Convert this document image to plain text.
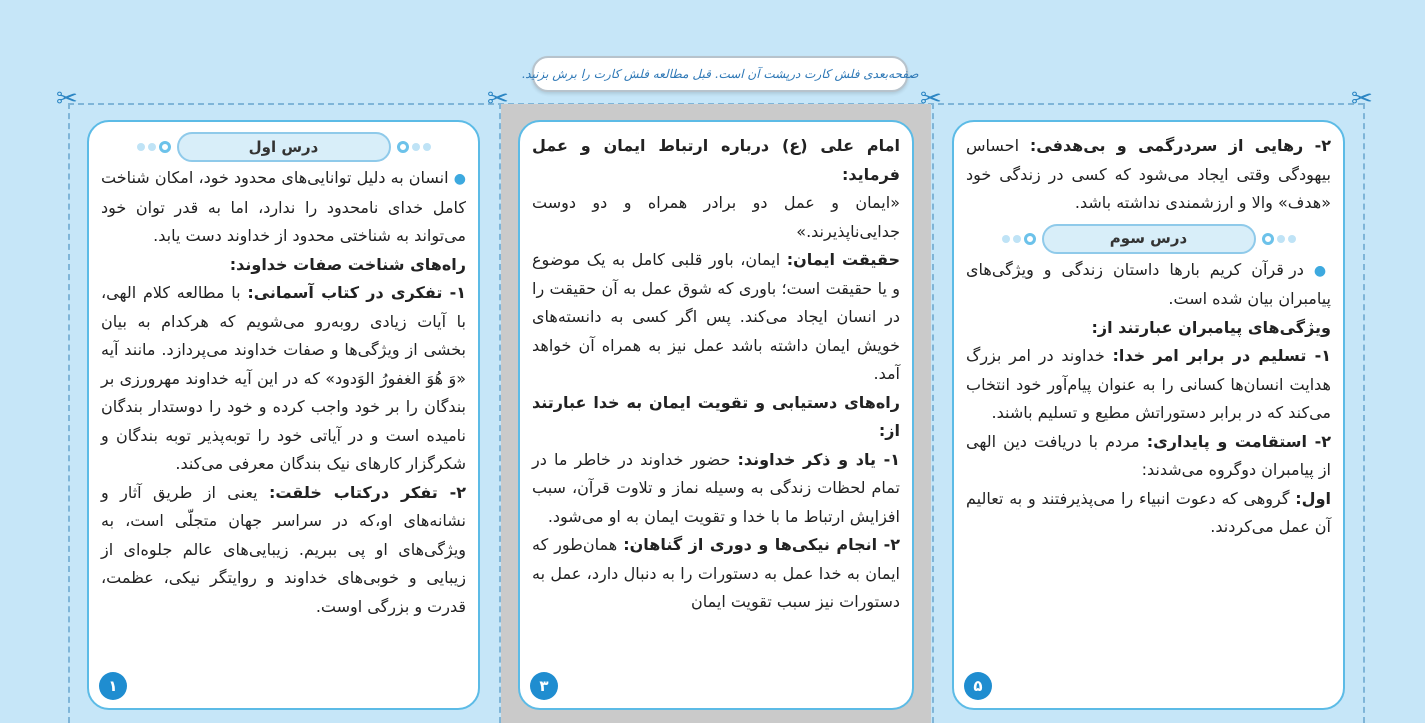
✂	✂	✂	✂
صفحه‌بعدی فلش کارت درپشت آن است. قبل مطالعه فلش کارت را برش بزنید.
درس اول

● انسان به دلیل توانایی‌های محدود خود، امکان شناخت کامل خدای نامحدود را ندارد، اما به قدر توان خود می‌تواند به شناختی محدود از خداوند دست یابد.

راه‌های شناخت صفات خداوند:

۱- تفکری در کتاب آسمانی: با مطالعه کلام الهی، با آیات زیادی روبه‌رو می‌شویم که هرکدام به بیان بخشی از ویژگی‌ها و صفات خداوند می‌پردازد. مانند آیه «وَ هُوَ الغفورُ الوَدود» که در این آیه خداوند مهرورزی بر بندگان را بر خود واجب کرده و خود را دوستدار بندگان نامیده است و در آیاتی خود را توبه‌پذیر توبه بندگان و شکرگزار کارهای نیک بندگان معرفی می‌کند.

۲- تفکر درکتاب خلقت: یعنی از طریق آثار و نشانه‌های او،که در سراسر جهان متجلّی است، به ویژگی‌های او پی ببریم. زیبایی‌های عالم جلوه‌ای از زیبایی و خوبی‌های خداوند و روایتگر نیکی، عظمت، قدرت و بزرگی اوست.

۱

امام علی (ع) درباره ارتباط ایمان و عمل فرماید:

«ایمان و عمل دو برادر همراه و دو دوست جدایی‌ناپذیرند.»

حقیقت ایمان: ایمان، باور قلبی کامل به یک موضوع و یا حقیقت است؛ باوری که شوق عمل به آن حقیقت را در انسان ایجاد می‌کند. پس اگر کسی به دانسته‌های خویش ایمان داشته باشد عمل نیز به همراه آن خواهد آمد.

راه‌های دستیابی و تقویت ایمان به خدا عبارتند از:

۱- یاد و ذکر خداوند: حضور خداوند در خاطر ما در تمام لحظات زندگی به وسیله نماز و تلاوت قرآن، سبب افزایش ارتباط ما با خدا و تقویت ایمان به او می‌شود.

۲- انجام نیکی‌ها و دوری از گناهان: همان‌طور که ایمان به خدا عمل به دستورات را به دنبال دارد، عمل به دستورات نیز سبب تقویت ایمان

۳

۲- رهایی از سردرگمی و بی‌هدفی: احساس بیهودگی وقتی ایجاد می‌شود که کسی در زندگی خود «هدف» والا و ارزشمندی نداشته باشد.

درس سوم

● در قرآن کریم بارها داستان زندگی و ویژگی‌های پیامبران بیان شده است.

ویژگی‌های پیامبران عبارتند از:

۱- تسلیم در برابر امر خدا: خداوند در امر بزرگ هدایت انسان‌ها کسانی را به عنوان پیام‌آور خود انتخاب می‌کند که در برابر دستوراتش مطیع و تسلیم باشند.

۲- استقامت و پایداری: مردم با دریافت دین الهی از پیامبران دوگروه می‌شدند:

اول: گروهی که دعوت انبیاء را می‌پذیرفتند و به تعالیم آن عمل می‌کردند.

۵
